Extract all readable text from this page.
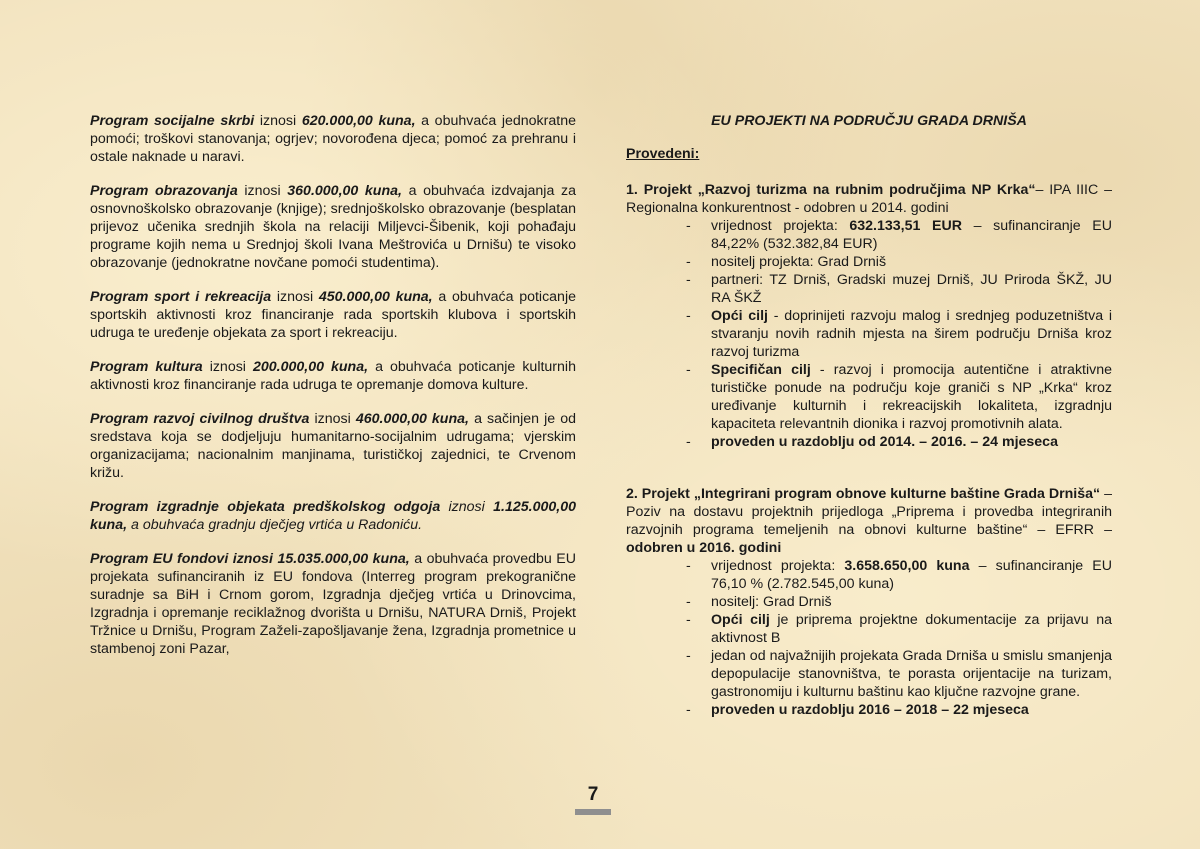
Program socijalne skrbi iznosi 620.000,00 kuna, a obuhvaća jednokratne pomoći; troškovi stanovanja; ogrjev; novorođena djeca; pomoć za prehranu i ostale naknade u naravi.

Program obrazovanja iznosi 360.000,00 kuna, a obuhvaća izdvajanja za osnovnoškolsko obrazovanje (knjige); srednjoškolsko obrazovanje (besplatan prijevoz učenika srednjih škola na relaciji Miljevci-Šibenik, koji pohađaju programe kojih nema u Srednjoj školi Ivana Meštrovića u Drnišu) te visoko obrazovanje (jednokratne novčane pomoći studentima).

Program sport i rekreacija iznosi 450.000,00 kuna, a obuhvaća poticanje sportskih aktivnosti kroz financiranje rada sportskih klubova i sportskih udruga te uređenje objekata za sport i rekreaciju.

Program kultura iznosi 200.000,00 kuna, a obuhvaća poticanje kulturnih aktivnosti kroz financiranje rada udruga te opremanje domova kulture.

Program razvoj civilnog društva iznosi 460.000,00 kuna, a sačinjen je od sredstava koja se dodjeljuju humanitarno-socijalnim udrugama; vjerskim organizacijama; nacionalnim manjinama, turističkoj zajednici, te Crvenom križu.

Program izgradnje objekata predškolskog odgoja iznosi 1.125.000,00 kuna, a obuhvaća gradnju dječjeg vrtića u Radoniću.

Program EU fondovi iznosi 15.035.000,00 kuna, a obuhvaća provedbu EU projekata sufinanciranih iz EU fondova (Interreg program prekogranične suradnje sa BiH i Crnom gorom, Izgradnja dječjeg vrtića u Drinovcima, Izgradnja i opremanje reciklažnog dvorišta u Drnišu, NATURA Drniš, Projekt Tržnice u Drnišu, Program Zaželi-zapošljavanje žena, Izgradnja prometnice u stambenoj zoni Pazar,

EU PROJEKTI NA PODRUČJU GRADA DRNIŠA

Provedeni:

1. Projekt „Razvoj turizma na rubnim područjima NP Krka“– IPA IIIC – Regionalna konkurentnost - odobren u 2014. godini

- vrijednost projekta: 632.133,51 EUR – sufinanciranje EU 84,22% (532.382,84 EUR)
- nositelj projekta: Grad Drniš
- partneri: TZ Drniš, Gradski muzej Drniš, JU Priroda ŠKŽ, JU RA ŠKŽ
- Opći cilj - doprinijeti razvoju malog i srednjeg poduzetništva i stvaranju novih radnih mjesta na širem području Drniša kroz razvoj turizma
- Specifičan cilj - razvoj i promocija autentične i atraktivne turističke ponude na području koje graniči s NP „Krka“ kroz uređivanje kulturnih i rekreacijskih lokaliteta, izgradnju kapaciteta relevantnih dionika i razvoj promotivnih alata.
- proveden u razdoblju od 2014. – 2016. – 24 mjeseca

2. Projekt „Integrirani program obnove kulturne baštine Grada Drniša“ – Poziv na dostavu projektnih prijedloga „Priprema i provedba integriranih razvojnih programa temeljenih na obnovi kulturne baštine“ – EFRR – odobren u 2016. godini

- vrijednost projekta: 3.658.650,00 kuna – sufinanciranje EU 76,10 % (2.782.545,00 kuna)
- nositelj: Grad Drniš
- Opći cilj je priprema projektne dokumentacije za prijavu na aktivnost B
- jedan od najvažnijih projekata Grada Drniša u smislu smanjenja depopulacije stanovništva, te porasta orijentacije na turizam, gastronomiju i kulturnu baštinu kao ključne razvojne grane.
- proveden u razdoblju 2016 – 2018 – 22 mjeseca
7
